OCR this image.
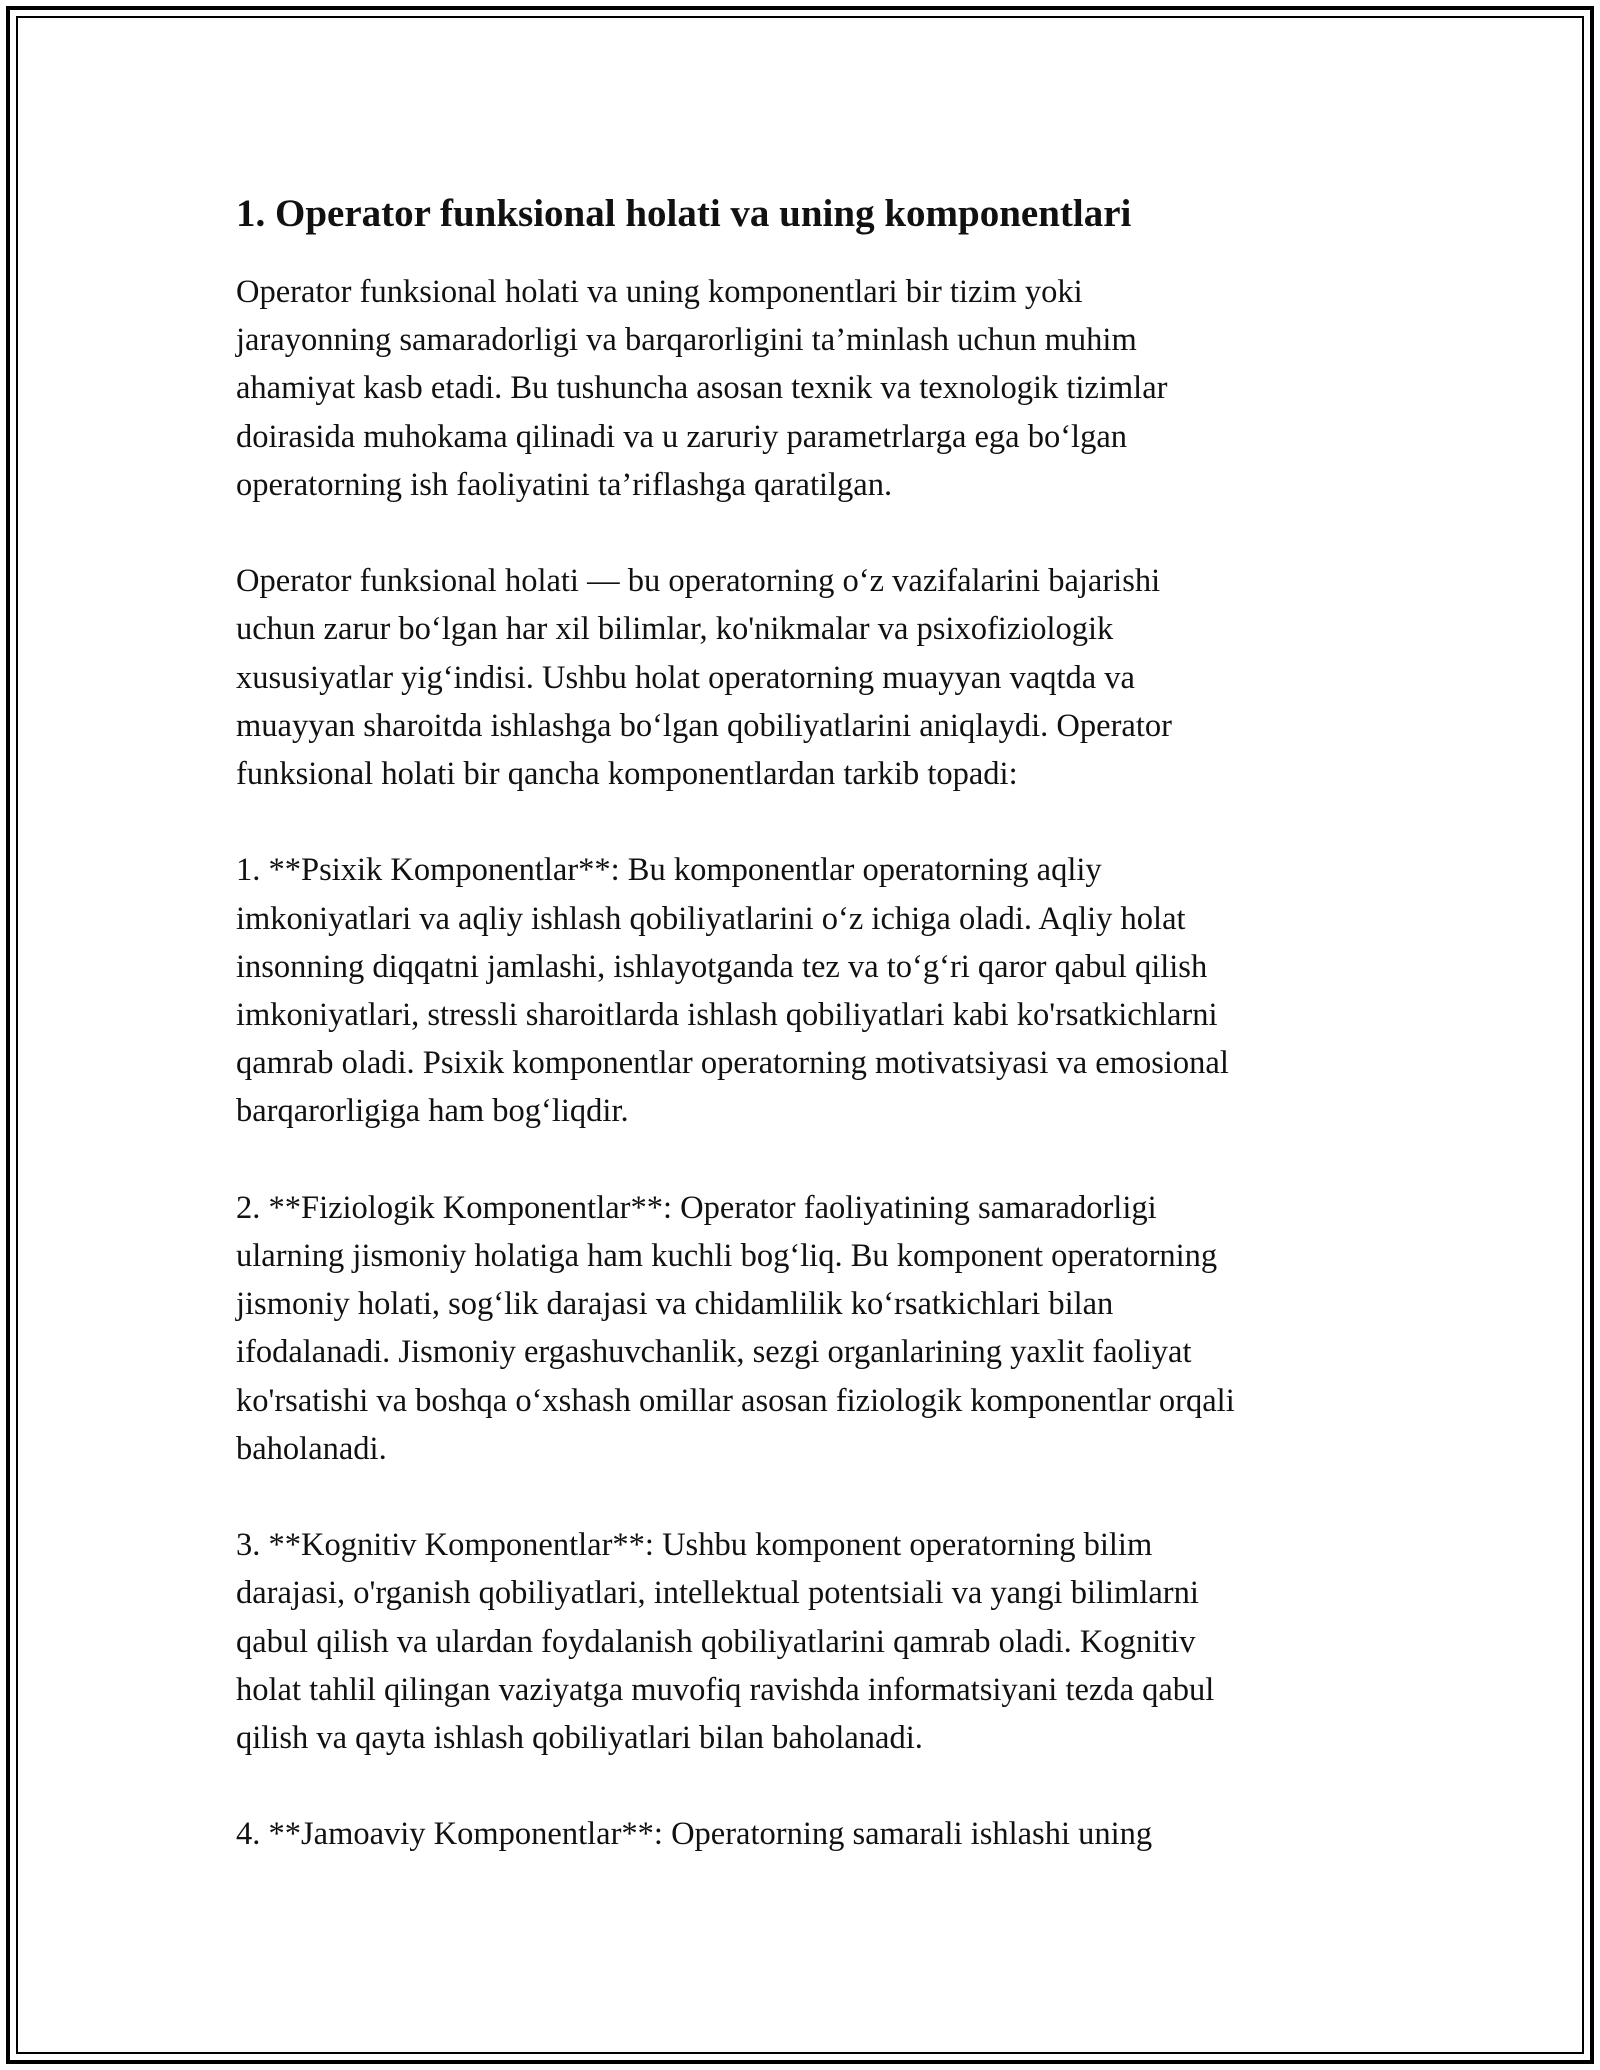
1. Operator funksional holati va uning komponentlari

Operator funksional holati va uning komponentlari bir tizim yoki
jarayonning samaradorligi va barqarorligini ta’minlash uchun muhim
ahamiyat kasb etadi. Bu tushuncha asosan texnik va texnologik tizimlar
doirasida muhokama qilinadi va u zaruriy parametrlarga ega bo‘lgan
operatorning ish faoliyatini ta’riflashga qaratilgan.

Operator funksional holati — bu operatorning o‘z vazifalarini bajarishi
uchun zarur bo‘lgan har xil bilimlar, ko'nikmalar va psixofiziologik
xususiyatlar yig‘indisi. Ushbu holat operatorning muayyan vaqtda va
muayyan sharoitda ishlashga bo‘lgan qobiliyatlarini aniqlaydi. Operator
funksional holati bir qancha komponentlardan tarkib topadi:

1. **Psixik Komponentlar**: Bu komponentlar operatorning aqliy
imkoniyatlari va aqliy ishlash qobiliyatlarini o‘z ichiga oladi. Aqliy holat
insonning diqqatni jamlashi, ishlayotganda tez va to‘g‘ri qaror qabul qilish
imkoniyatlari, stressli sharoitlarda ishlash qobiliyatlari kabi ko'rsatkichlarni
qamrab oladi. Psixik komponentlar operatorning motivatsiyasi va emosional
barqarorligiga ham bog‘liqdir.

2. **Fiziologik Komponentlar**: Operator faoliyatining samaradorligi
ularning jismoniy holatiga ham kuchli bog‘liq. Bu komponent operatorning
jismoniy holati, sog‘lik darajasi va chidamlilik ko‘rsatkichlari bilan
ifodalanadi. Jismoniy ergashuvchanlik, sezgi organlarining yaxlit faoliyat
ko'rsatishi va boshqa o‘xshash omillar asosan fiziologik komponentlar orqali
baholanadi.

3. **Kognitiv Komponentlar**: Ushbu komponent operatorning bilim
darajasi, o'rganish qobiliyatlari, intellektual potentsiali va yangi bilimlarni
qabul qilish va ulardan foydalanish qobiliyatlarini qamrab oladi. Kognitiv
holat tahlil qilingan vaziyatga muvofiq ravishda informatsiyani tezda qabul
qilish va qayta ishlash qobiliyatlari bilan baholanadi.

4. **Jamoaviy Komponentlar**: Operatorning samarali ishlashi uning
